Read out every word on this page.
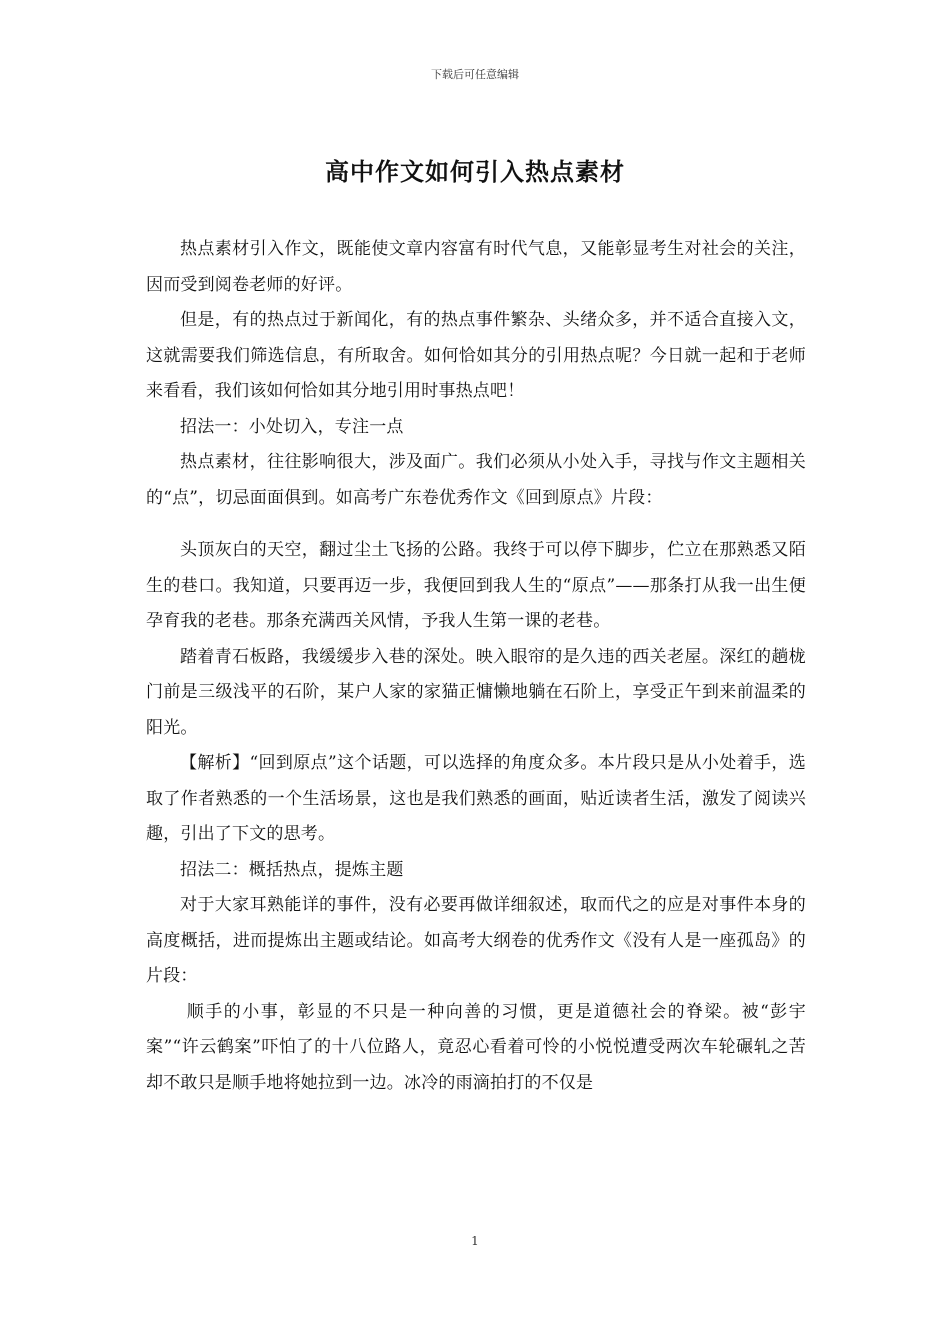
下载后可任意编辑
高中作文如何引入热点素材

热点素材引入作文，既能使文章内容富有时代气息，又能彰显考生对社会的关注，因而受到阅卷老师的好评。

但是，有的热点过于新闻化，有的热点事件繁杂、头绪众多，并不适合直接入文，这就需要我们筛选信息，有所取舍。如何恰如其分的引用热点呢？今日就一起和于老师来看看，我们该如何恰如其分地引用时事热点吧！

招法一：小处切入，专注一点

热点素材，往往影响很大，涉及面广。我们必须从小处入手，寻找与作文主题相关的“点”，切忌面面俱到。如高考广东卷优秀作文《回到原点》片段：

头顶灰白的天空，翻过尘土飞扬的公路。我终于可以停下脚步，伫立在那熟悉又陌生的巷口。我知道，只要再迈一步，我便回到我人生的“原点”——那条打从我一出生便孕育我的老巷。那条充满西关风情，予我人生第一课的老巷。

踏着青石板路，我缓缓步入巷的深处。映入眼帘的是久违的西关老屋。深红的趟栊门前是三级浅平的石阶，某户人家的家猫正慵懒地躺在石阶上，享受正午到来前温柔的阳光。

【解析】“回到原点”这个话题，可以选择的角度众多。本片段只是从小处着手，选取了作者熟悉的一个生活场景，这也是我们熟悉的画面，贴近读者生活，激发了阅读兴趣，引出了下文的思考。

招法二：概括热点，提炼主题

对于大家耳熟能详的事件，没有必要再做详细叙述，取而代之的应是对事件本身的高度概括，进而提炼出主题或结论。如高考大纲卷的优秀作文《没有人是一座孤岛》的片段：

顺手的小事，彰显的不只是一种向善的习惯，更是道德社会的脊梁。被“彭宇案”“许云鹤案”吓怕了的十八位路人，竟忍心看着可怜的小悦悦遭受两次车轮碾轧之苦却不敢只是顺手地将她拉到一边。冰冷的雨滴拍打的不仅是

1
